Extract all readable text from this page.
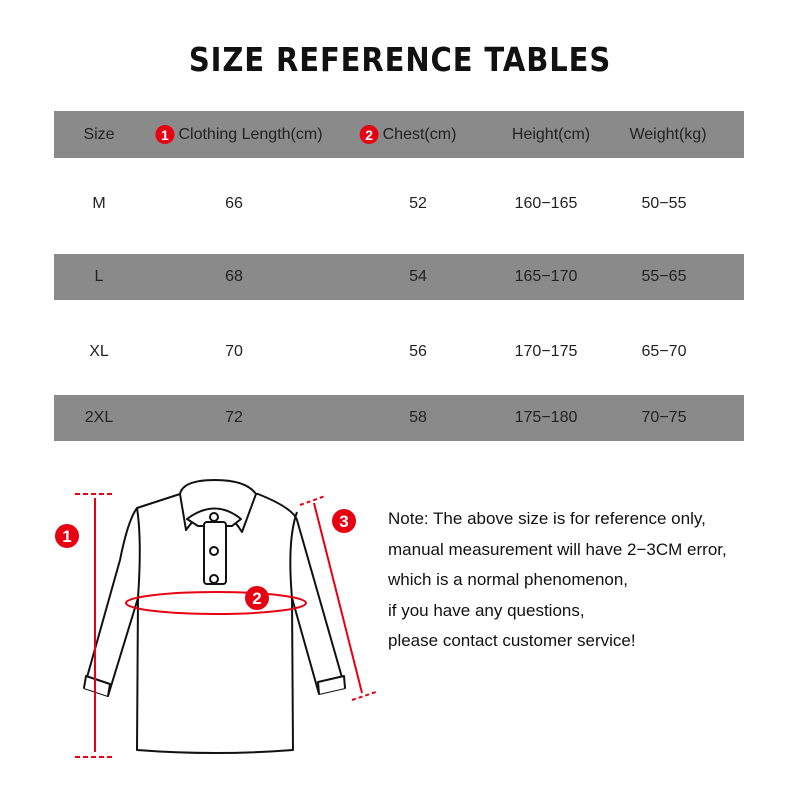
SIZE REFERENCE TABLES
Size	1 Clothing Length(cm)	2 Chest(cm)	Height(cm) Weight(kg)
M	66	52	160−165	50−55
L	68	54	165−170	55−65
XL	70	56	170−175	65−70
2XL	72	58	175−180	70−75
1
2
3 Note: The above size is for reference only,
manual measurement will have 2−3CM error,
which is a normal phenomenon,
if you have any questions,
please contact customer service!
